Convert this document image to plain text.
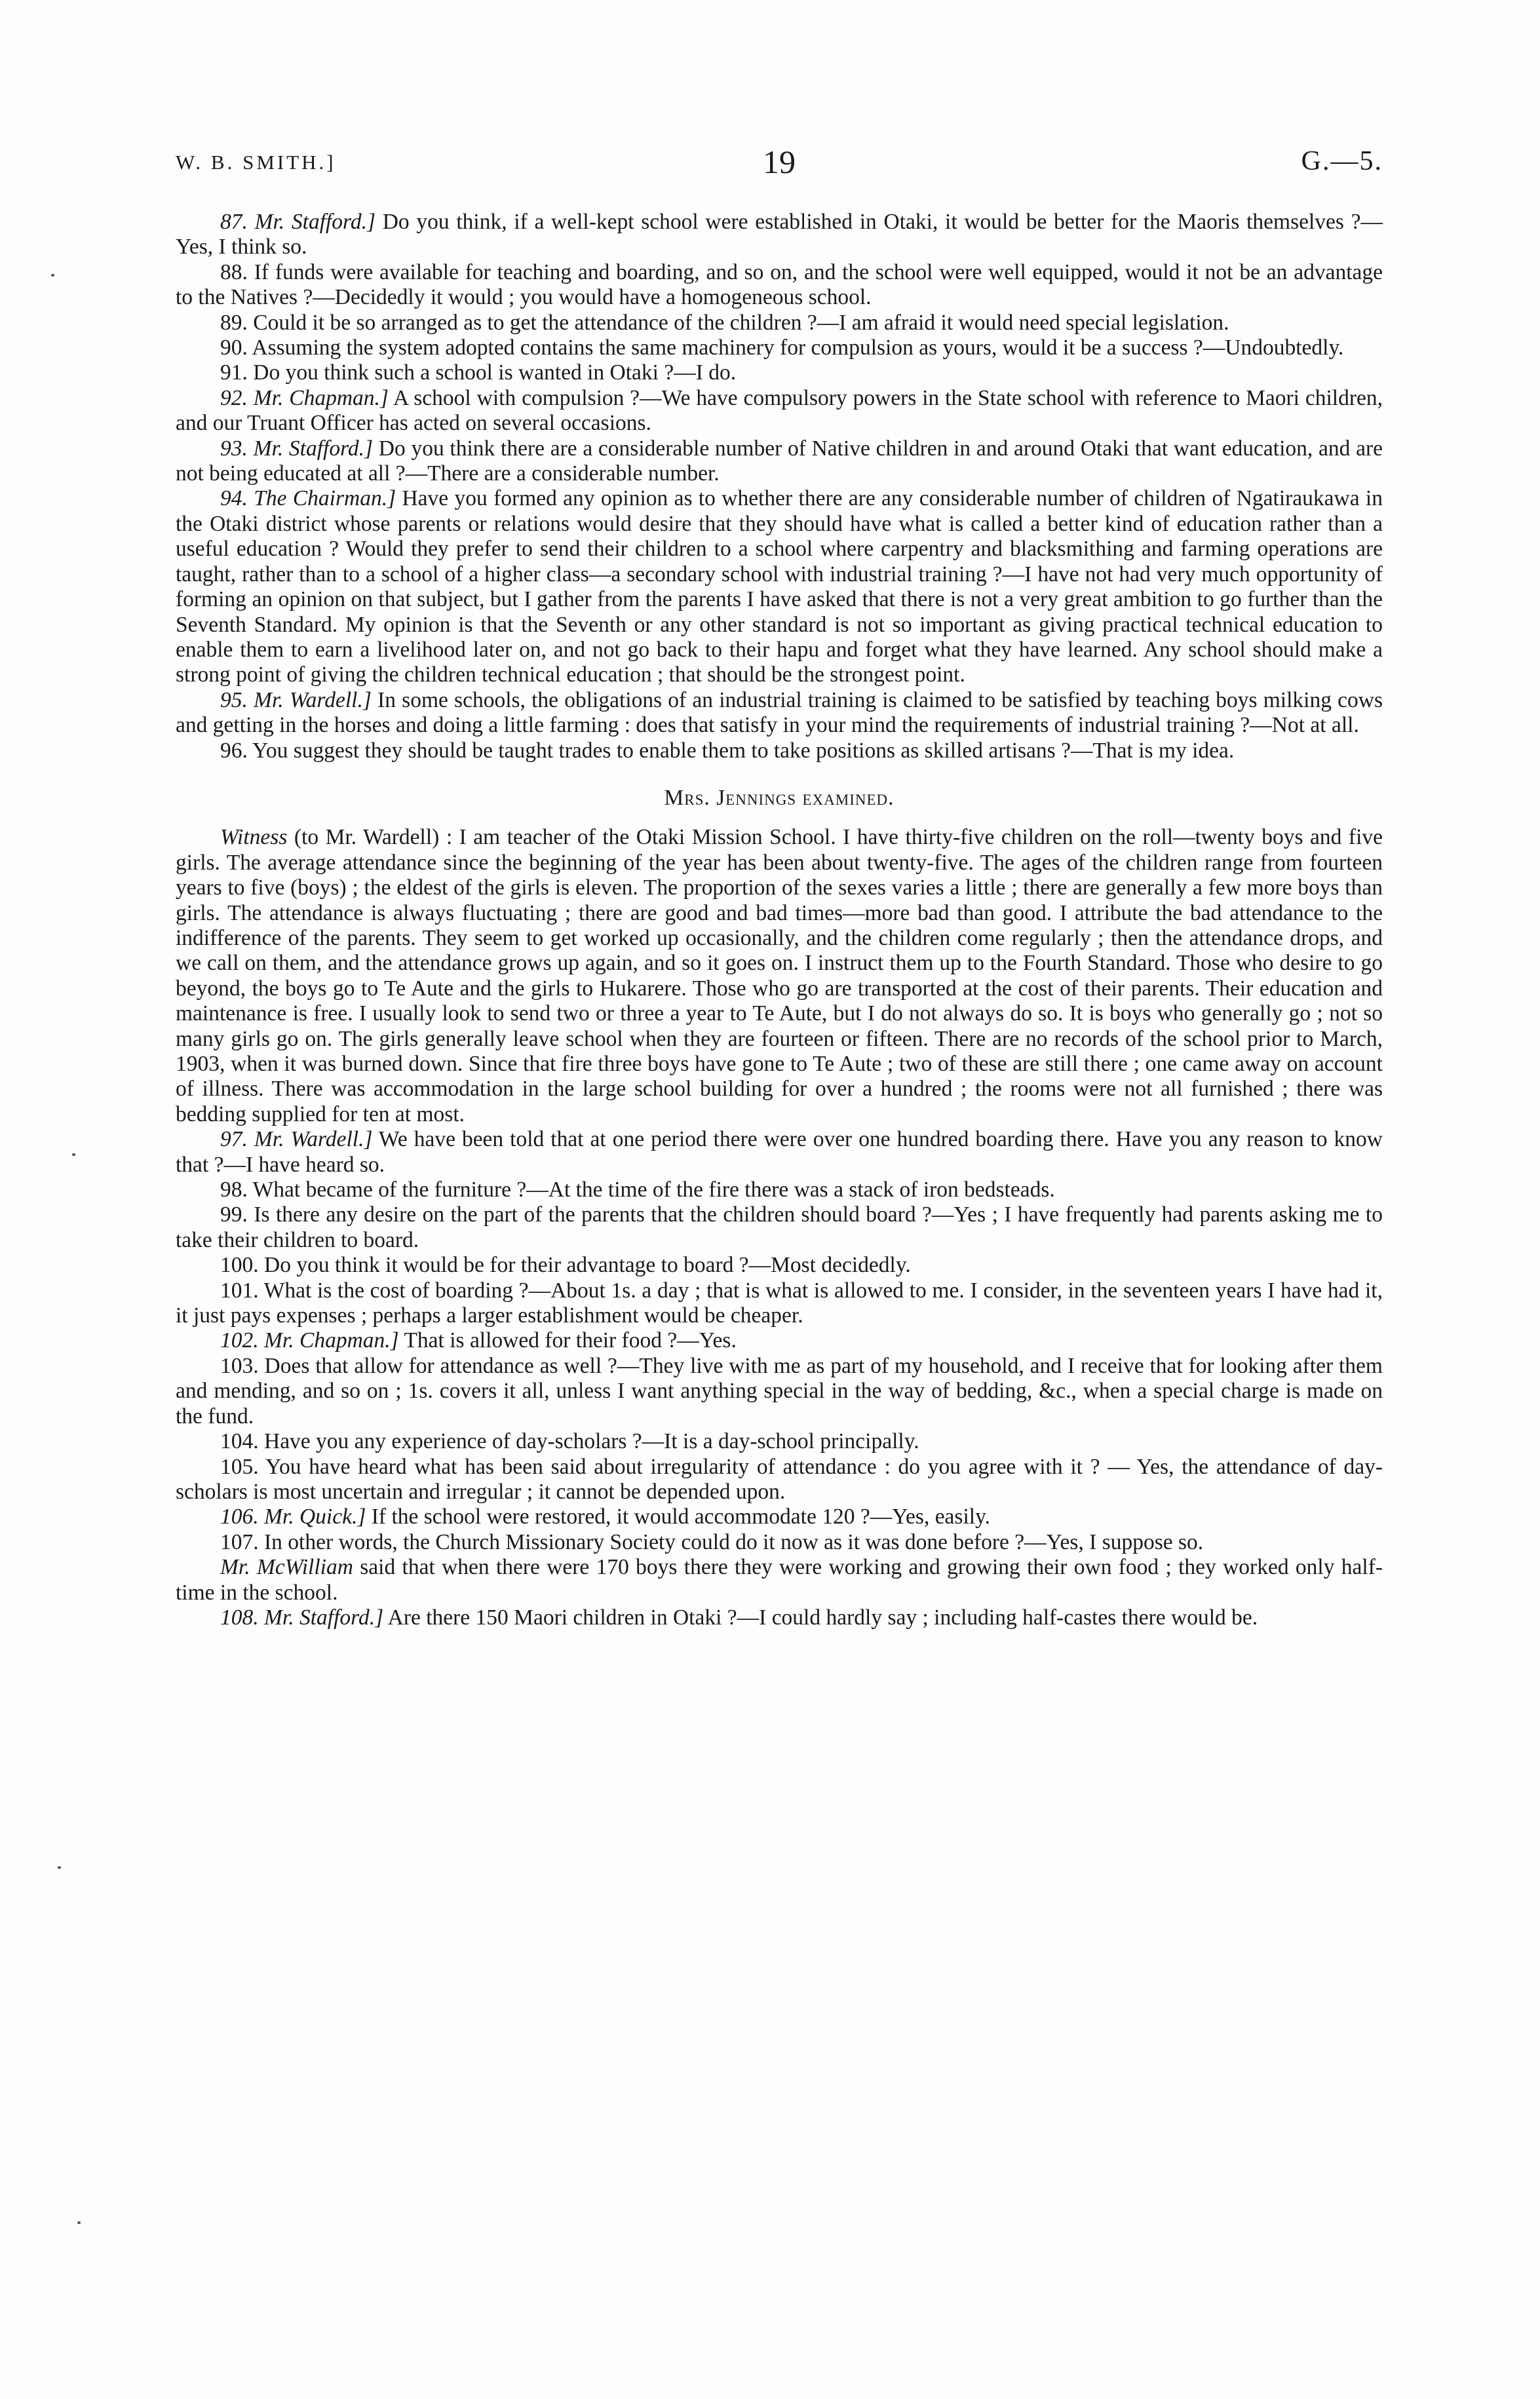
W. B. SMITH.]	19	G.—5.

87. Mr. Stafford.] Do you think, if a well-kept school were established in Otaki, it would be better for the Maoris themselves ?—Yes, I think so.

88. If funds were available for teaching and boarding, and so on, and the school were well equipped, would it not be an advantage to the Natives ?—Decidedly it would ; you would have a homogeneous school.

89. Could it be so arranged as to get the attendance of the children ?—I am afraid it would need special legislation.

90. Assuming the system adopted contains the same machinery for compulsion as yours, would it be a success ?—Undoubtedly.

91. Do you think such a school is wanted in Otaki ?—I do.

92. Mr. Chapman.] A school with compulsion ?—We have compulsory powers in the State school with reference to Maori children, and our Truant Officer has acted on several occasions.

93. Mr. Stafford.] Do you think there are a considerable number of Native children in and around Otaki that want education, and are not being educated at all ?—There are a considerable number.

94. The Chairman.] Have you formed any opinion as to whether there are any considerable number of children of Ngatiraukawa in the Otaki district whose parents or relations would desire that they should have what is called a better kind of education rather than a useful education ? Would they prefer to send their children to a school where carpentry and blacksmithing and farming operations are taught, rather than to a school of a higher class—a secondary school with industrial training ?—I have not had very much opportunity of forming an opinion on that subject, but I gather from the parents I have asked that there is not a very great ambition to go further than the Seventh Standard. My opinion is that the Seventh or any other standard is not so important as giving practical technical education to enable them to earn a livelihood later on, and not go back to their hapu and forget what they have learned. Any school should make a strong point of giving the children technical education ; that should be the strongest point.

95. Mr. Wardell.] In some schools, the obligations of an industrial training is claimed to be satisfied by teaching boys milking cows and getting in the horses and doing a little farming : does that satisfy in your mind the requirements of industrial training ?—Not at all.

96. You suggest they should be taught trades to enable them to take positions as skilled artisans ?—That is my idea.

Mrs. Jennings examined.

Witness (to Mr. Wardell) : I am teacher of the Otaki Mission School. I have thirty-five children on the roll—twenty boys and five girls. The average attendance since the beginning of the year has been about twenty-five. The ages of the children range from fourteen years to five (boys) ; the eldest of the girls is eleven. The proportion of the sexes varies a little ; there are generally a few more boys than girls. The attendance is always fluctuating ; there are good and bad times—more bad than good. I attribute the bad attendance to the indifference of the parents. They seem to get worked up occasionally, and the children come regularly ; then the attendance drops, and we call on them, and the attendance grows up again, and so it goes on. I instruct them up to the Fourth Standard. Those who desire to go beyond, the boys go to Te Aute and the girls to Hukarere. Those who go are transported at the cost of their parents. Their education and maintenance is free. I usually look to send two or three a year to Te Aute, but I do not always do so. It is boys who generally go ; not so many girls go on. The girls generally leave school when they are fourteen or fifteen. There are no records of the school prior to March, 1903, when it was burned down. Since that fire three boys have gone to Te Aute ; two of these are still there ; one came away on account of illness. There was accommodation in the large school building for over a hundred ; the rooms were not all furnished ; there was bedding supplied for ten at most.

97. Mr. Wardell.] We have been told that at one period there were over one hundred boarding there. Have you any reason to know that ?—I have heard so.

98. What became of the furniture ?—At the time of the fire there was a stack of iron bedsteads.

99. Is there any desire on the part of the parents that the children should board ?—Yes ; I have frequently had parents asking me to take their children to board.

100. Do you think it would be for their advantage to board ?—Most decidedly.

101. What is the cost of boarding ?—About 1s. a day ; that is what is allowed to me. I consider, in the seventeen years I have had it, it just pays expenses ; perhaps a larger establishment would be cheaper.

102. Mr. Chapman.] That is allowed for their food ?—Yes.

103. Does that allow for attendance as well ?—They live with me as part of my household, and I receive that for looking after them and mending, and so on ; 1s. covers it all, unless I want anything special in the way of bedding, &c., when a special charge is made on the fund.

104. Have you any experience of day-scholars ?—It is a day-school principally.

105. You have heard what has been said about irregularity of attendance : do you agree with it ? — Yes, the attendance of day-scholars is most uncertain and irregular ; it cannot be depended upon.

106. Mr. Quick.] If the school were restored, it would accommodate 120 ?—Yes, easily.

107. In other words, the Church Missionary Society could do it now as it was done before ?—Yes, I suppose so.

Mr. McWilliam said that when there were 170 boys there they were working and growing their own food ; they worked only half-time in the school.

108. Mr. Stafford.] Are there 150 Maori children in Otaki ?—I could hardly say ; including half-castes there would be.
